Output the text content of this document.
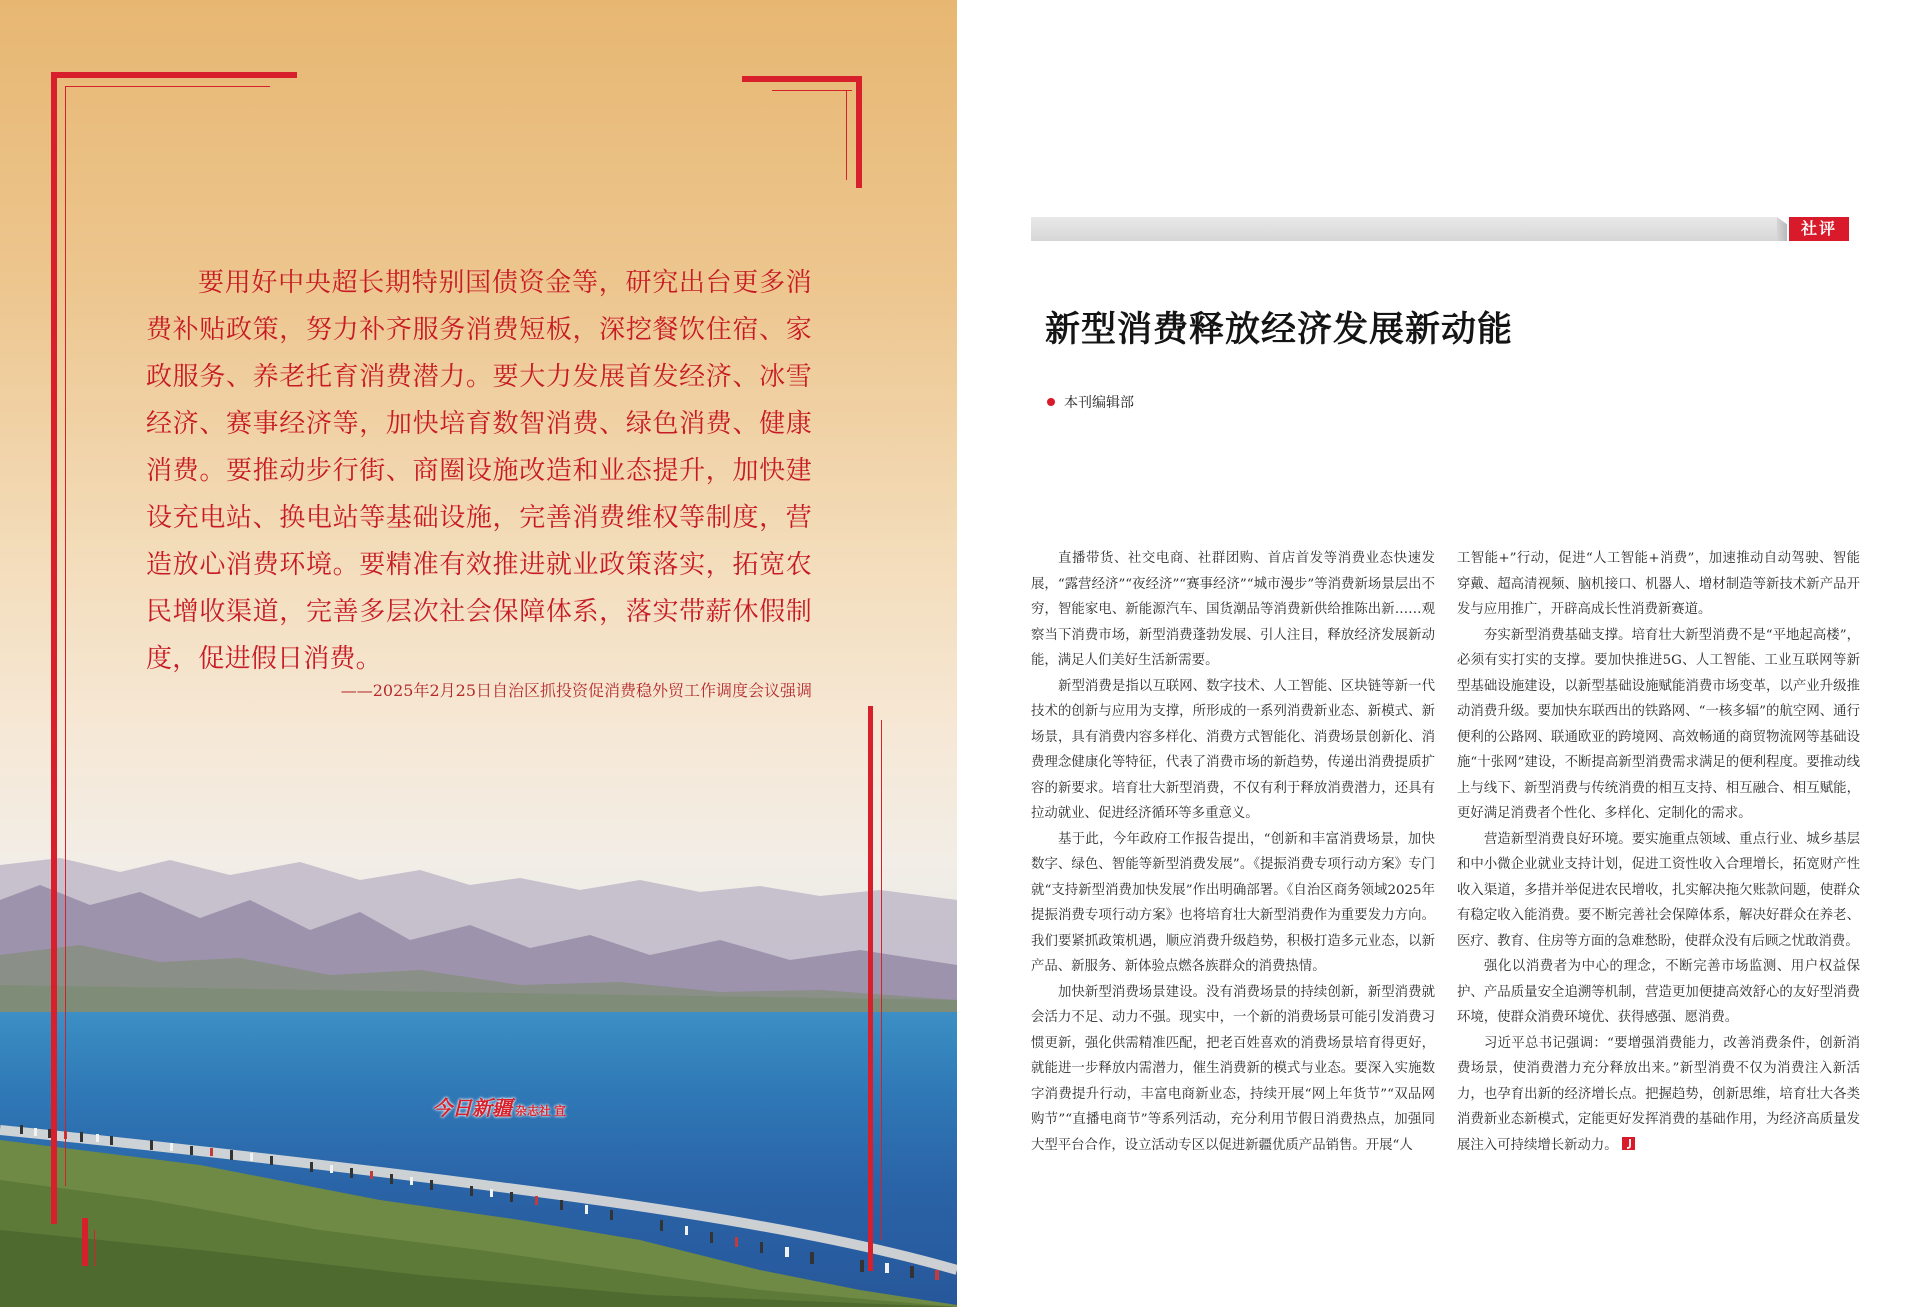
要用好中央超长期特别国债资金等，研究出台更多消费补贴政策，努力补齐服务消费短板，深挖餐饮住宿、家政服务、养老托育消费潜力。要大力发展首发经济、冰雪经济、赛事经济等，加快培育数智消费、绿色消费、健康消费。要推动步行街、商圈设施改造和业态提升，加快建设充电站、换电站等基础设施，完善消费维权等制度，营造放心消费环境。要精准有效推进就业政策落实，拓宽农民增收渠道，完善多层次社会保障体系，落实带薪休假制度，促进假日消费。

——2025年2月25日自治区抓投资促消费稳外贸工作调度会议强调
今日新疆 杂志社 宣
社评
新型消费释放经济发展新动能
本刊编辑部

直播带货、社交电商、社群团购、首店首发等消费业态快速发展，“露营经济”“夜经济”“赛事经济”“城市漫步”等消费新场景层出不穷，智能家电、新能源汽车、国货潮品等消费新供给推陈出新……观察当下消费市场，新型消费蓬勃发展、引人注目，释放经济发展新动能，满足人们美好生活新需要。

新型消费是指以互联网、数字技术、人工智能、区块链等新一代技术的创新与应用为支撑，所形成的一系列消费新业态、新模式、新场景，具有消费内容多样化、消费方式智能化、消费场景创新化、消费理念健康化等特征，代表了消费市场的新趋势，传递出消费提质扩容的新要求。培育壮大新型消费，不仅有利于释放消费潜力，还具有拉动就业、促进经济循环等多重意义。

基于此，今年政府工作报告提出，“创新和丰富消费场景，加快数字、绿色、智能等新型消费发展”。《提振消费专项行动方案》专门就“支持新型消费加快发展”作出明确部署。《自治区商务领域2025年提振消费专项行动方案》也将培育壮大新型消费作为重要发力方向。我们要紧抓政策机遇，顺应消费升级趋势，积极打造多元业态，以新产品、新服务、新体验点燃各族群众的消费热情。

加快新型消费场景建设。没有消费场景的持续创新，新型消费就会活力不足、动力不强。现实中，一个新的消费场景可能引发消费习惯更新，强化供需精准匹配，把老百姓喜欢的消费场景培育得更好，就能进一步释放内需潜力，催生消费新的模式与业态。要深入实施数字消费提升行动，丰富电商新业态，持续开展“网上年货节”“双品网购节”“直播电商节”等系列活动，充分利用节假日消费热点，加强同大型平台合作，设立活动专区以促进新疆优质产品销售。开展“人

工智能+”行动，促进“人工智能+消费”，加速推动自动驾驶、智能穿戴、超高清视频、脑机接口、机器人、增材制造等新技术新产品开发与应用推广，开辟高成长性消费新赛道。

夯实新型消费基础支撑。培育壮大新型消费不是“平地起高楼”，必须有实打实的支撑。要加快推进5G、人工智能、工业互联网等新型基础设施建设，以新型基础设施赋能消费市场变革，以产业升级推动消费升级。要加快东联西出的铁路网、“一核多辐”的航空网、通行便利的公路网、联通欧亚的跨境网、高效畅通的商贸物流网等基础设施“十张网”建设，不断提高新型消费需求满足的便利程度。要推动线上与线下、新型消费与传统消费的相互支持、相互融合、相互赋能，更好满足消费者个性化、多样化、定制化的需求。

营造新型消费良好环境。要实施重点领域、重点行业、城乡基层和中小微企业就业支持计划，促进工资性收入合理增长，拓宽财产性收入渠道，多措并举促进农民增收，扎实解决拖欠账款问题，使群众有稳定收入能消费。要不断完善社会保障体系，解决好群众在养老、医疗、教育、住房等方面的急难愁盼，使群众没有后顾之忧敢消费。

强化以消费者为中心的理念，不断完善市场监测、用户权益保护、产品质量安全追溯等机制，营造更加便捷高效舒心的友好型消费环境，使群众消费环境优、获得感强、愿消费。

习近平总书记强调：“要增强消费能力，改善消费条件，创新消费场景，使消费潜力充分释放出来。”新型消费不仅为消费注入新活力，也孕育出新的经济增长点。把握趋势，创新思维，培育壮大各类消费新业态新模式，定能更好发挥消费的基础作用，为经济高质量发展注入可持续增长新动力。
